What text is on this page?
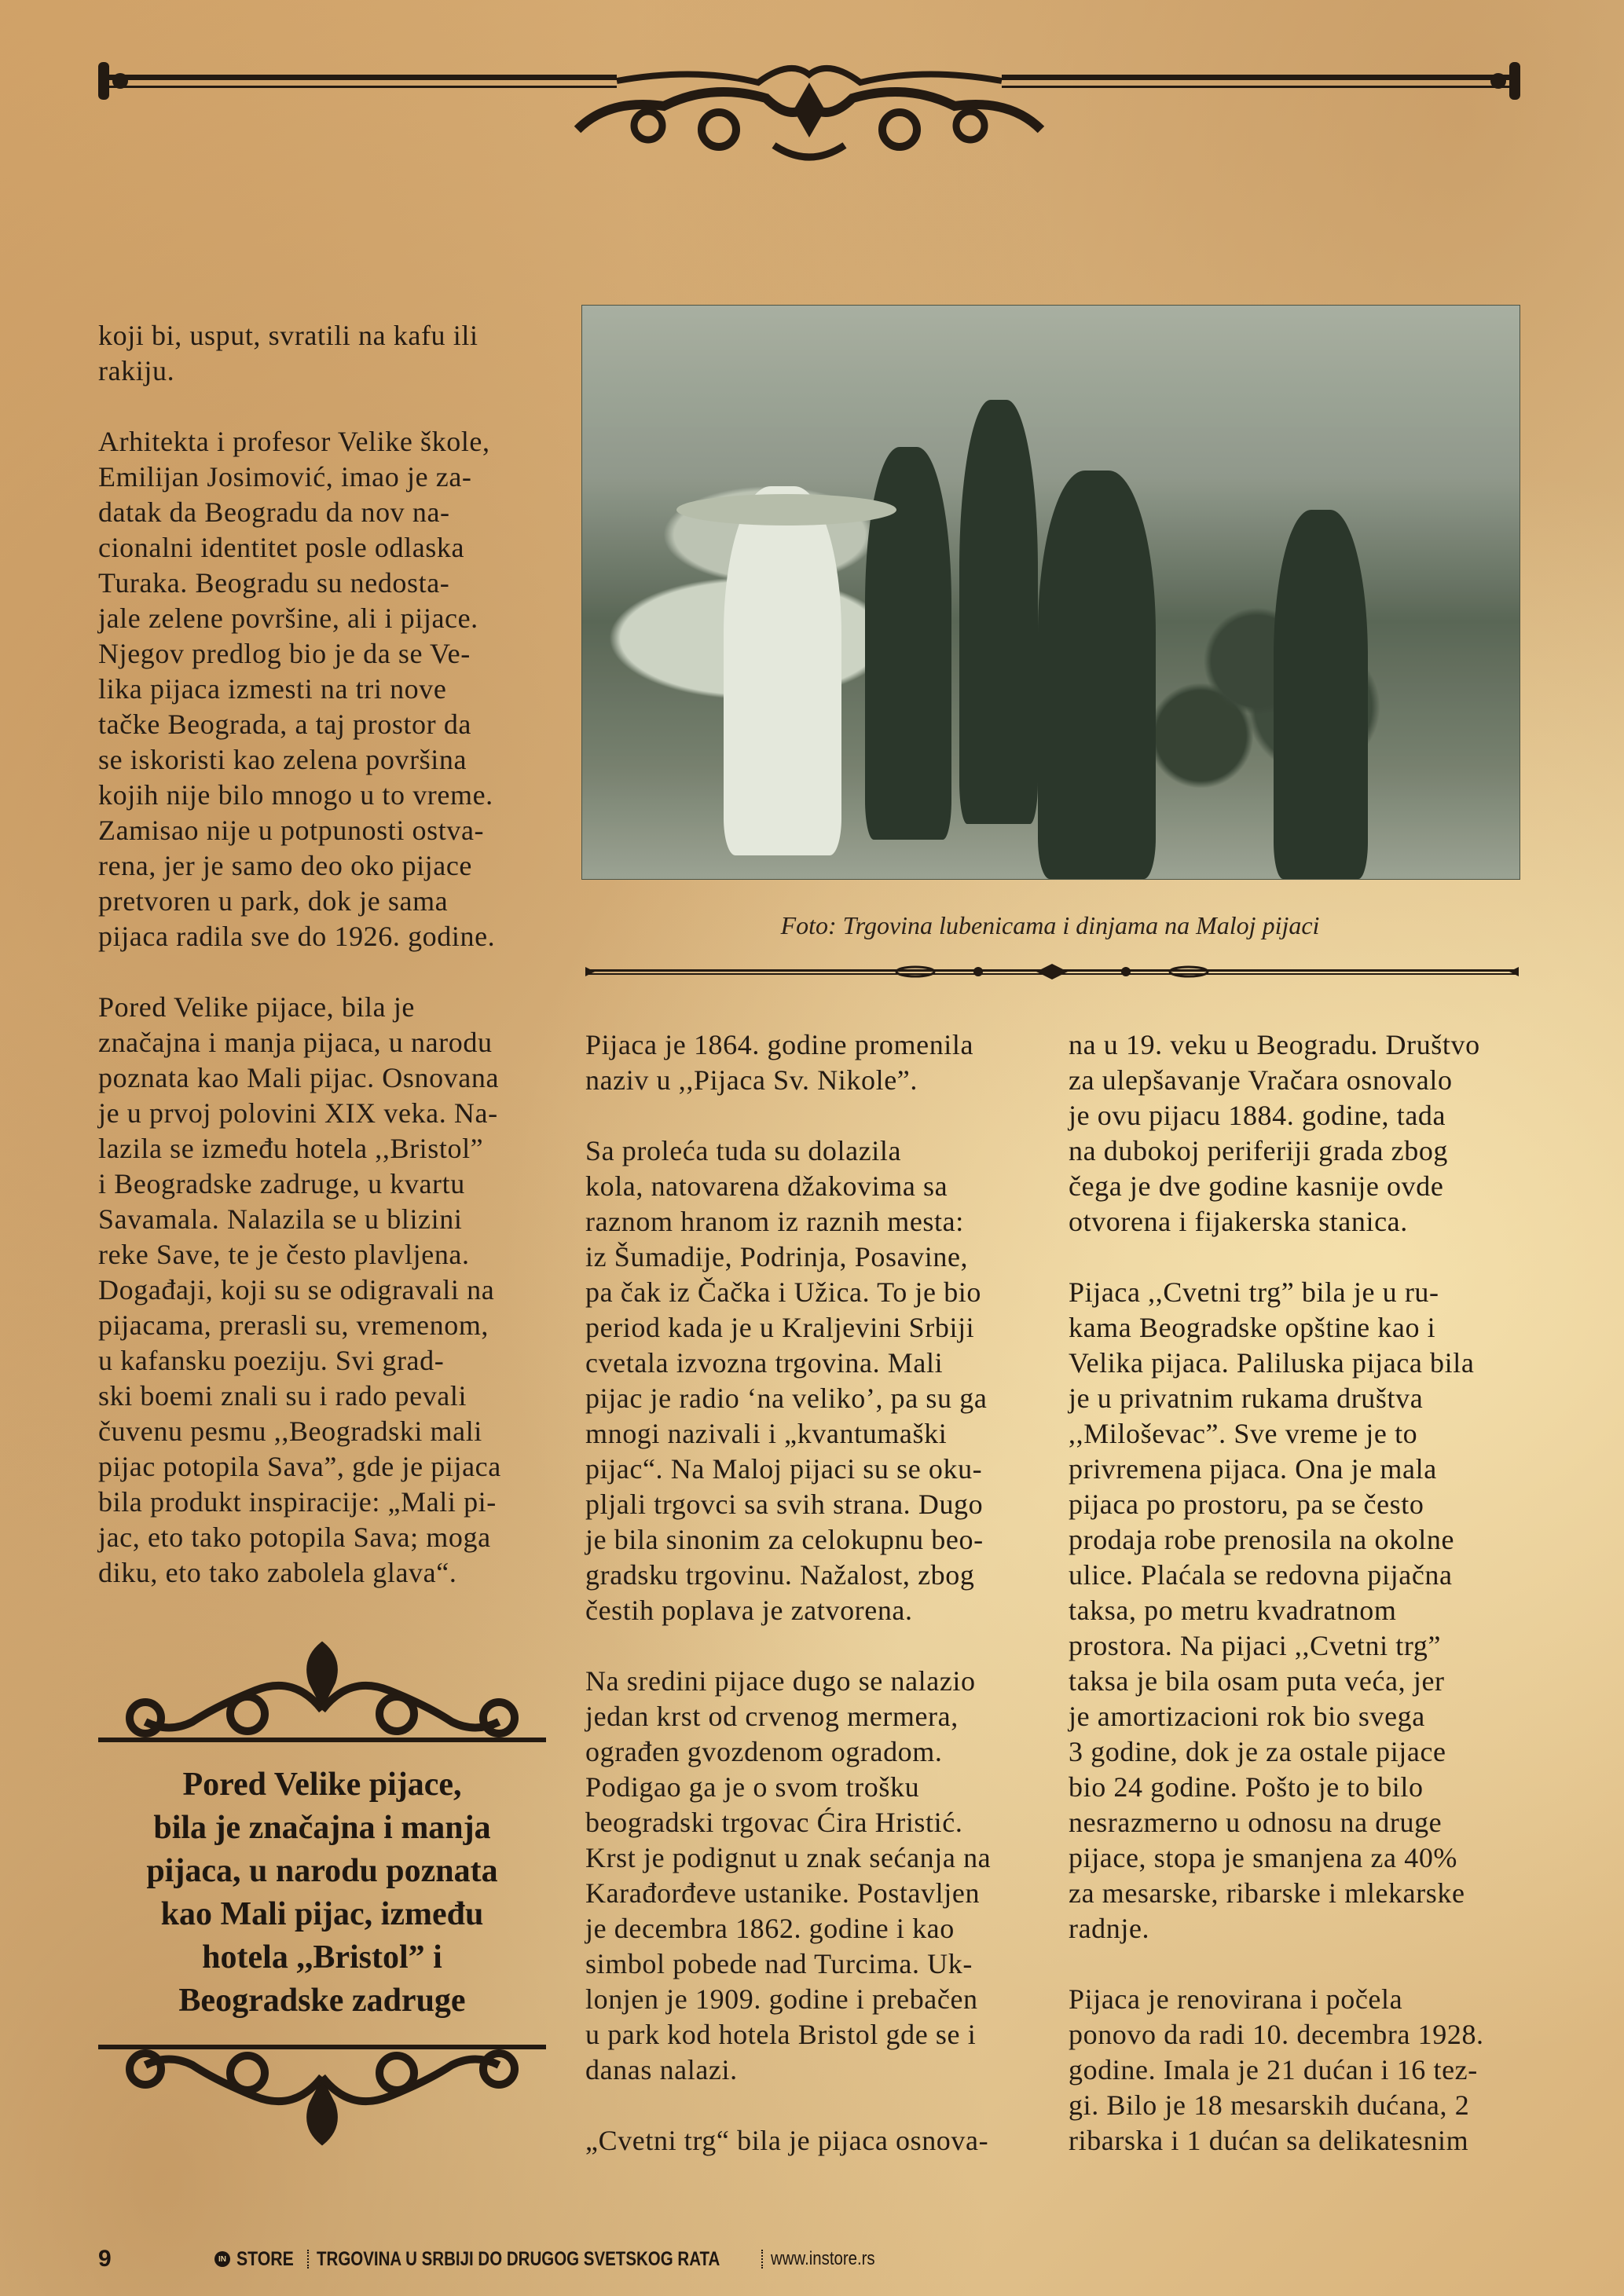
Foto: Trgovina lubenicama i dinjama na Maloj pijaci

koji bi, usput, svratili na kafu ili
rakiju.

Arhitekta i profesor Velike škole,
Emilijan Josimović, imao je za-
datak da Beogradu da nov na-
cionalni identitet posle odlaska
Turaka. Beogradu su nedosta-
jale zelene površine, ali i pijace.
Njegov predlog bio je da se Ve-
lika pijaca izmesti na tri nove
tačke Beograda, a taj prostor da
se iskoristi kao zelena površina
kojih nije bilo mnogo u to vreme.
Zamisao nije u potpunosti ostva-
rena, jer je samo deo oko pijace
pretvoren u park, dok je sama
pijaca radila sve do 1926. godine.

Pored Velike pijace, bila je
značajna i manja pijaca, u narodu
poznata kao Mali pijac. Osnovana
je u prvoj polovini XIX veka. Na-
lazila se između hotela ,,Bristol”
i Beogradske zadruge, u kvartu
Savamala. Nalazila se u blizini
reke Save, te je često plavljena.
Događaji, koji su se odigravali na
pijacama, prerasli su, vremenom,
u kafansku poeziju. Svi grad-
ski boemi znali su i rado pevali
čuvenu pesmu ,,Beogradski mali
pijac potopila Sava”, gde je pijaca
bila produkt inspiracije: „Mali pi-
jac, eto tako potopila Sava; moga
diku, eto tako zabolela glava“.

Pijaca je 1864. godine promenila
naziv u ,,Pijaca Sv. Nikole”.

Sa proleća tuda su dolazila
kola, natovarena džakovima sa
raznom hranom iz raznih mesta:
iz Šumadije, Podrinja, Posavine,
pa čak iz Čačka i Užica. To je bio
period kada je u Kraljevini Srbiji
cvetala izvozna trgovina. Mali
pijac je radio ‘na veliko’, pa su ga
mnogi nazivali i „kvantumaški
pijac“. Na Maloj pijaci su se oku-
pljali trgovci sa svih strana. Dugo
je bila sinonim za celokupnu beo-
gradsku trgovinu. Nažalost, zbog
čestih poplava je zatvorena.

Na sredini pijace dugo se nalazio
jedan krst od crvenog mermera,
ograđen gvozdenom ogradom.
Podigao ga je o svom trošku
beogradski trgovac Ćira Hristić.
Krst je podignut u znak sećanja na
Karađorđeve ustanike. Postavljen
je decembra 1862. godine i kao
simbol pobede nad Turcima. Uk-
lonjen je 1909. godine i prebačen
u park kod hotela Bristol gde se i
danas nalazi.

„Cvetni trg“ bila je pijaca osnova-

na u 19. veku u Beogradu. Društvo
za ulepšavanje Vračara osnovalo
je ovu pijacu 1884. godine, tada
na dubokoj periferiji grada zbog
čega je dve godine kasnije ovde
otvorena i fijakerska stanica.

Pijaca ,,Cvetni trg” bila je u ru-
kama Beogradske opštine kao i
Velika pijaca. Paliluska pijaca bila
je u privatnim rukama društva
,,Miloševac”. Sve vreme je to
privremena pijaca. Ona je mala
pijaca po prostoru, pa se često
prodaja robe prenosila na okolne
ulice. Plaćala se redovna pijačna
taksa, po metru kvadratnom
prostora. Na pijaci ,,Cvetni trg”
taksa je bila osam puta veća, jer
je amortizacioni rok bio svega
3 godine, dok je za ostale pijace
bio 24 godine. Pošto je to bilo
nesrazmerno u odnosu na druge
pijace, stopa je smanjena za 40%
za mesarske, ribarske i mlekarske
radnje.

Pijaca je renovirana i počela
ponovo da radi 10. decembra 1928.
godine. Imala je 21 dućan i 16 tez-
gi. Bilo je 18 mesarskih dućana, 2
ribarska i 1 dućan sa delikatesnim

Pored Velike pijace,
bila je značajna i manja
pijaca, u narodu poznata
kao Mali pijac, između
hotela ,,Bristol” i
Beogradske zadruge
9	IN STORE TRGOVINA U SRBIJI DO DRUGOG SVETSKOG RATA	www.instore.rs
